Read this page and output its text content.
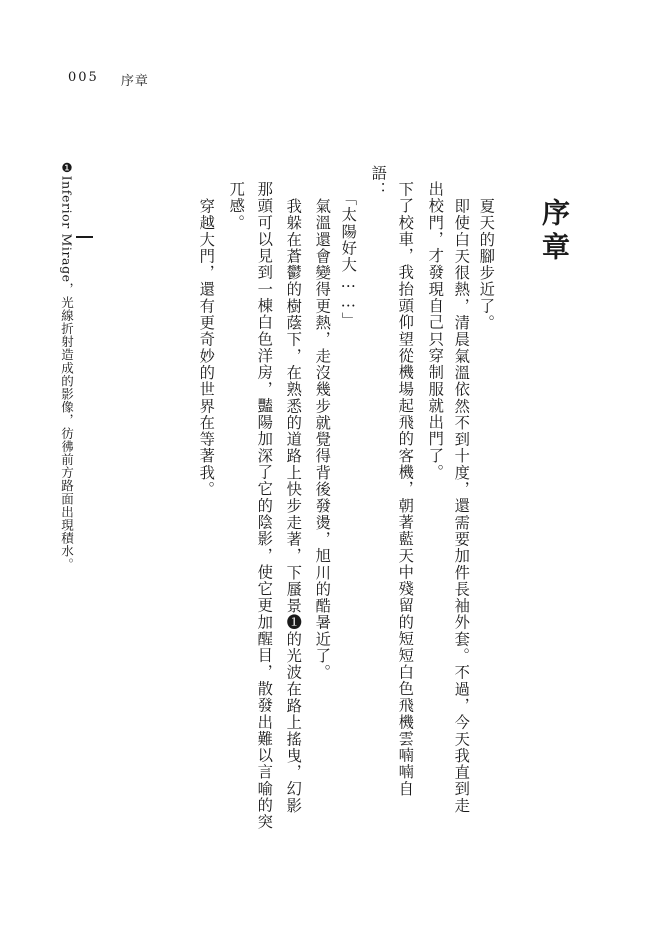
005 序章
序章
夏天的腳步近了。
即使白天很熱，清晨氣溫依然不到十度，還需要加件長袖外套。不過，今天我直到走
出校門，才發現自己只穿制服就出門了。
下了校車，我抬頭仰望從機場起飛的客機，朝著藍天中殘留的短短白色飛機雲喃喃自
語：
「太陽好大……」
氣溫還會變得更熱，走沒幾步就覺得背後發燙，旭川的酷暑近了。
我躲在蒼鬱的樹蔭下，在熟悉的道路上快步走著，下蜃景❶的光波在路上搖曳，幻影
那頭可以見到一棟白色洋房，豔陽加深了它的陰影，使它更加醒目，散發出難以言喻的突
兀感。
穿越大門，還有更奇妙的世界在等著我。
❶Inferior Mirage，光線折射造成的影像，彷彿前方路面出現積水。
